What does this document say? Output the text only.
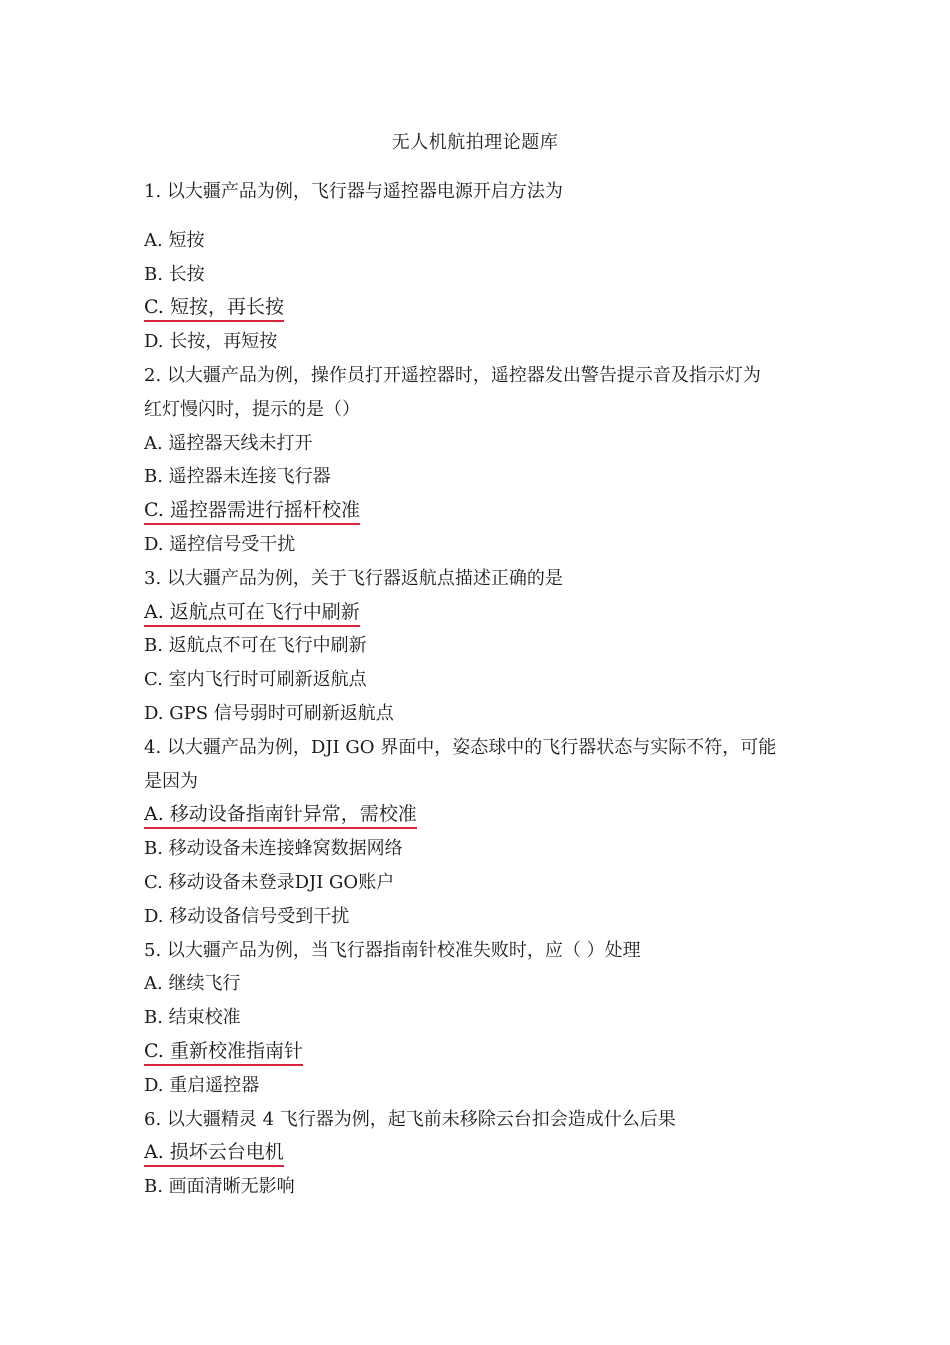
无人机航拍理论题库
1. 以大疆产品为例，飞行器与遥控器电源开启方法为
A. 短按
B. 长按
C. 短按，再长按
D. 长按，再短按
2. 以大疆产品为例，操作员打开遥控器时，遥控器发出警告提示音及指示灯为
红灯慢闪时，提示的是（）
A. 遥控器天线未打开
B. 遥控器未连接飞行器
C. 遥控器需进行摇杆校准
D. 遥控信号受干扰
3. 以大疆产品为例，关于飞行器返航点描述正确的是
A. 返航点可在飞行中刷新
B. 返航点不可在飞行中刷新
C. 室内飞行时可刷新返航点
D. GPS 信号弱时可刷新返航点
4. 以大疆产品为例，DJI GO 界面中，姿态球中的飞行器状态与实际不符，可能
是因为
A. 移动设备指南针异常，需校准
B. 移动设备未连接蜂窝数据网络
C. 移动设备未登录DJI GO账户
D. 移动设备信号受到干扰
5. 以大疆产品为例，当飞行器指南针校准失败时，应（ ）处理
A. 继续飞行
B. 结束校准
C. 重新校准指南针
D. 重启遥控器
6. 以大疆精灵 4 飞行器为例，起飞前未移除云台扣会造成什么后果
A. 损坏云台电机
B. 画面清晰无影响
